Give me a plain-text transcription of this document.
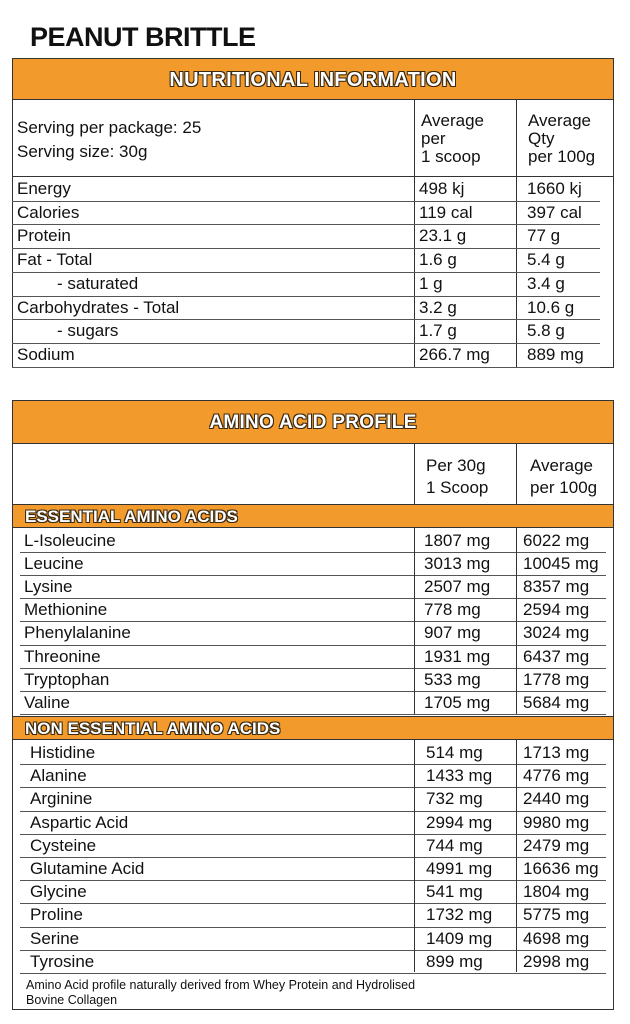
PEANUT BRITTLE
NUTRITIONAL INFORMATION
Serving per package: 25
Serving size: 30g
Average
per
1 scoop
Average
Qty
per 100g
Energy	498 kj	1660 kj
Calories	119 cal	397 cal
Protein	23.1 g	77 g
Fat - Total	1.6 g	5.4 g
- saturated	1 g	3.4 g
Carbohydrates - Total	3.2 g	10.6 g
- sugars	1.7 g	5.8 g
Sodium	266.7 mg 889 mg
AMINO ACID PROFILE
Per 30g
1 Scoop
Average
per 100g
ESSENTIAL AMINO ACIDS
L-Isoleucine	1807 mg 6022 mg
Leucine	3013 mg 10045 mg
Lysine	2507 mg 8357 mg
Methionine	778 mg 2594 mg
Phenylalanine	907 mg 3024 mg
Threonine	1931 mg 6437 mg
Tryptophan	533 mg 1778 mg
Valine	1705 mg 5684 mg
NON ESSENTIAL AMINO ACIDS
Histidine	514 mg 1713 mg
Alanine	1433 mg 4776 mg
Arginine	732 mg 2440 mg
Aspartic Acid	2994 mg 9980 mg
Cysteine	744 mg 2479 mg
Glutamine Acid	4991 mg 16636 mg
Glycine	541 mg 1804 mg
Proline	1732 mg 5775 mg
Serine	1409 mg 4698 mg
Tyrosine	899 mg 2998 mg
Amino Acid profile naturally derived from Whey Protein and Hydrolised Bovine Collagen
